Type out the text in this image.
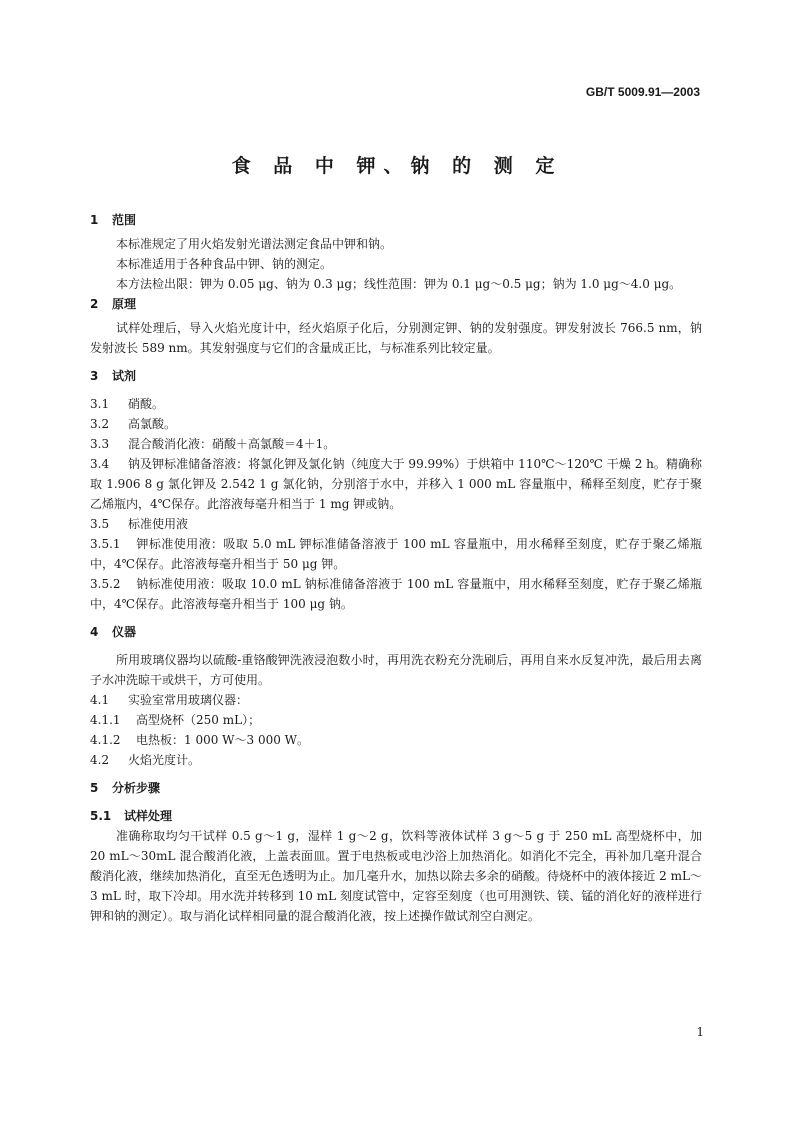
GB/T 5009.91—2003
食 品 中 钾、钠 的 测 定
1 范围
本标准规定了用火焰发射光谱法测定食品中钾和钠。
本标准适用于各种食品中钾、钠的测定。
本方法检出限：钾为 0.05 μg、钠为 0.3 μg；线性范围：钾为 0.1 μg～0.5 μg；钠为 1.0 μg～4.0 μg。
2 原理
试样处理后，导入火焰光度计中，经火焰原子化后，分别测定钾、钠的发射强度。钾发射波长 766.5 nm，钠发射波长 589 nm。其发射强度与它们的含量成正比，与标准系列比较定量。
3 试剂
3.1 硝酸。
3.2 高氯酸。
3.3 混合酸消化液：硝酸＋高氯酸＝4＋1。
3.4 钠及钾标准储备溶液：将氯化钾及氯化钠（纯度大于 99.99%）于烘箱中 110℃～120℃ 干燥 2 h。精确称取 1.906 8 g 氯化钾及 2.542 1 g 氯化钠，分别溶于水中，并移入 1 000 mL 容量瓶中，稀释至刻度，贮存于聚乙烯瓶内，4℃保存。此溶液每毫升相当于 1 mg 钾或钠。
3.5 标准使用液
3.5.1 钾标准使用液：吸取 5.0 mL 钾标准储备溶液于 100 mL 容量瓶中，用水稀释至刻度，贮存于聚乙烯瓶中，4℃保存。此溶液每毫升相当于 50 μg 钾。
3.5.2 钠标准使用液：吸取 10.0 mL 钠标准储备溶液于 100 mL 容量瓶中，用水稀释至刻度，贮存于聚乙烯瓶中，4℃保存。此溶液每毫升相当于 100 μg 钠。
4 仪器
所用玻璃仪器均以硫酸-重铬酸钾洗液浸泡数小时，再用洗衣粉充分洗刷后，再用自来水反复冲洗，最后用去离子水冲洗晾干或烘干，方可使用。
4.1 实验室常用玻璃仪器：
4.1.1 高型烧杯（250 mL）；
4.1.2 电热板：1 000 W～3 000 W。
4.2 火焰光度计。
5 分析步骤
5.1 试样处理
准确称取均匀干试样 0.5 g～1 g，湿样 1 g～2 g，饮料等液体试样 3 g～5 g 于 250 mL 高型烧杯中，加 20 mL～30mL 混合酸消化液，上盖表面皿。置于电热板或电沙浴上加热消化。如消化不完全，再补加几毫升混合酸消化液，继续加热消化，直至无色透明为止。加几毫升水，加热以除去多余的硝酸。待烧杯中的液体接近 2 mL～3 mL 时，取下冷却。用水洗并转移到 10 mL 刻度试管中，定容至刻度（也可用测铁、镁、锰的消化好的液样进行钾和钠的测定）。取与消化试样相同量的混合酸消化液，按上述操作做试剂空白测定。
1
